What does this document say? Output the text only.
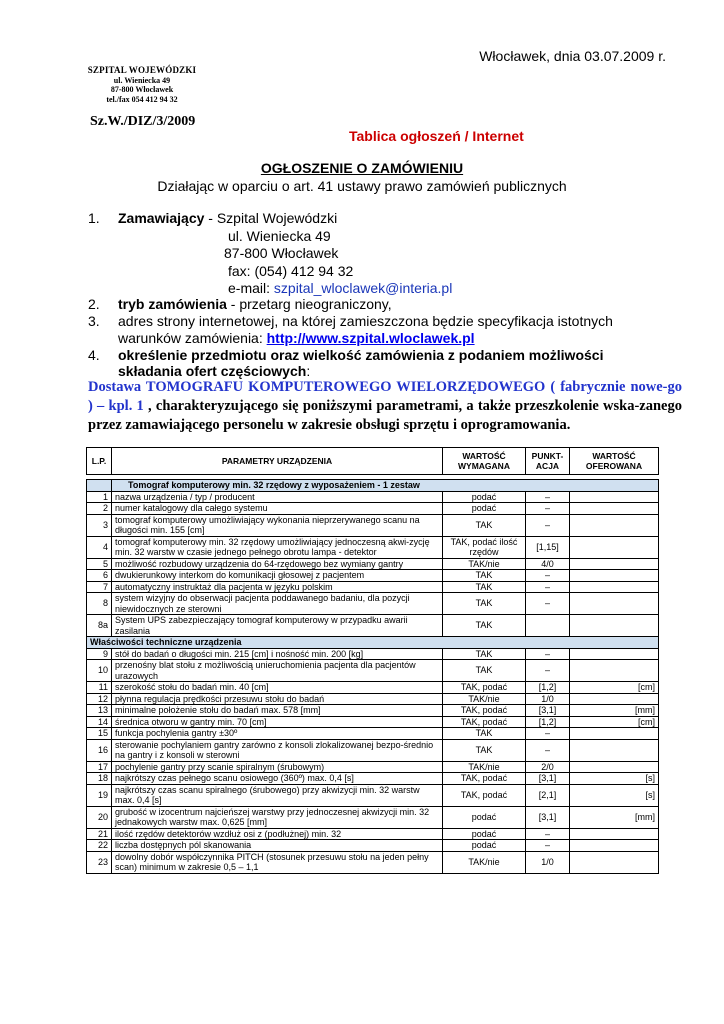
Włocławek, dnia 03.07.2009 r.
SZPITAL WOJEWÓDZKI
ul. Wieniecka 49
87-800 Włocławek
tel./fax 054 412 94 32
Sz.W./DIZ/3/2009
Tablica ogłoszeń / Internet
OGŁOSZENIE O ZAMÓWIENIU
Działając w oparciu o art. 41 ustawy prawo zamówień publicznych
1. Zamawiający - Szpital Wojewódzki
ul. Wieniecka 49
87-800 Włocławek
fax: (054) 412 94 32
e-mail: szpital_wloclawek@interia.pl
2. tryb zamówienia - przetarg nieograniczony,
3. adres strony internetowej, na której zamieszczona będzie specyfikacja istotnych
warunków zamówienia: http://www.szpital.wloclawek.pl
4. określenie przedmiotu oraz wielkość zamówienia z podaniem możliwości
składania ofert częściowych:
Dostawa TOMOGRAFU KOMPUTEROWEGO WIELORZĘDOWEGO ( fabrycznie nowe-go ) – kpl. 1 , charakteryzującego się poniższymi parametrami, a także przeszkolenie wska-zanego przez zamawiającego personelu w zakresie obsługi sprzętu i oprogramowania.
L.P.	PARAMETRY URZĄDZENIA	WARTOŚĆ WYMAGANA	PUNKT-ACJA	WARTOŚĆ OFEROWANA

	Tomograf komputerowy min. 32 rzędowy z wyposażeniem - 1 zestaw			
1	nazwa urządzenia / typ / producent	podać	–	
2	numer katalogowy dla całego systemu	podać	–	
3	tomograf komputerowy umożliwiający wykonania nieprzerywanego scanu na długości min. 155 [cm]	TAK	–	
4	tomograf komputerowy min. 32 rzędowy umożliwiający jednoczesną akwi-zycję min. 32 warstw w czasie jednego pełnego obrotu lampa - detektor	TAK, podać ilość rzędów	[1,15]	
5	możliwość rozbudowy urządzenia do 64-rzędowego bez wymiany gantry	TAK/nie	4/0	
6	dwukierunkowy interkom do komunikacji głosowej z pacjentem	TAK	–	
7	automatyczny instruktaż dla pacjenta w języku polskim	TAK	–	
8	system wizyjny do obserwacji pacjenta poddawanego badaniu, dla pozycji niewidocznych ze sterowni	TAK	–	
8a	System UPS zabezpieczający tomograf komputerowy w przypadku awarii zasilania	TAK		
Właściwości techniczne urządzenia				
9	stół do badań o długości min. 215 [cm] i nośność min. 200 [kg]	TAK	–	
10	przenośny blat stołu z możliwością unieruchomienia pacjenta dla pacjentów urazowych	TAK	–	
11	szerokość stołu do badań min. 40 [cm]	TAK, podać	[1,2]	[cm]
12	płynna regulacja prędkości przesuwu stołu do badań	TAK/nie	1/0	
13	minimalne położenie stołu do badań max. 578 [mm]	TAK, podać	[3,1]	[mm]
14	średnica otworu w gantry min. 70 [cm]	TAK, podać	[1,2]	[cm]
15	funkcja pochylenia gantry ±30º	TAK	–	
16	sterowanie pochylaniem gantry zarówno z konsoli zlokalizowanej bezpo-średnio na gantry i z konsoli w sterowni	TAK	–	
17	pochylenie gantry przy scanie spiralnym (śrubowym)	TAK/nie	2/0	
18	najkrótszy czas pełnego scanu osiowego (360º) max. 0,4 [s]	TAK, podać	[3,1]	[s]
19	najkrótszy czas scanu spiralnego (śrubowego) przy akwizycji min. 32 warstw max. 0,4 [s]	TAK, podać	[2,1]	[s]
20	grubość w izocentrum najcieńszej warstwy przy jednoczesnej akwizycji min. 32 jednakowych warstw max. 0,625 [mm]	podać	[3,1]	[mm]
21	ilość rzędów detektorów wzdłuż osi z (podłużnej) min. 32	podać	–	
22	liczba dostępnych pól skanowania	podać	–	
23	dowolny dobór współczynnika PITCH (stosunek przesuwu stołu na jeden pełny scan) minimum w zakresie 0,5 – 1,1	TAK/nie	1/0	
